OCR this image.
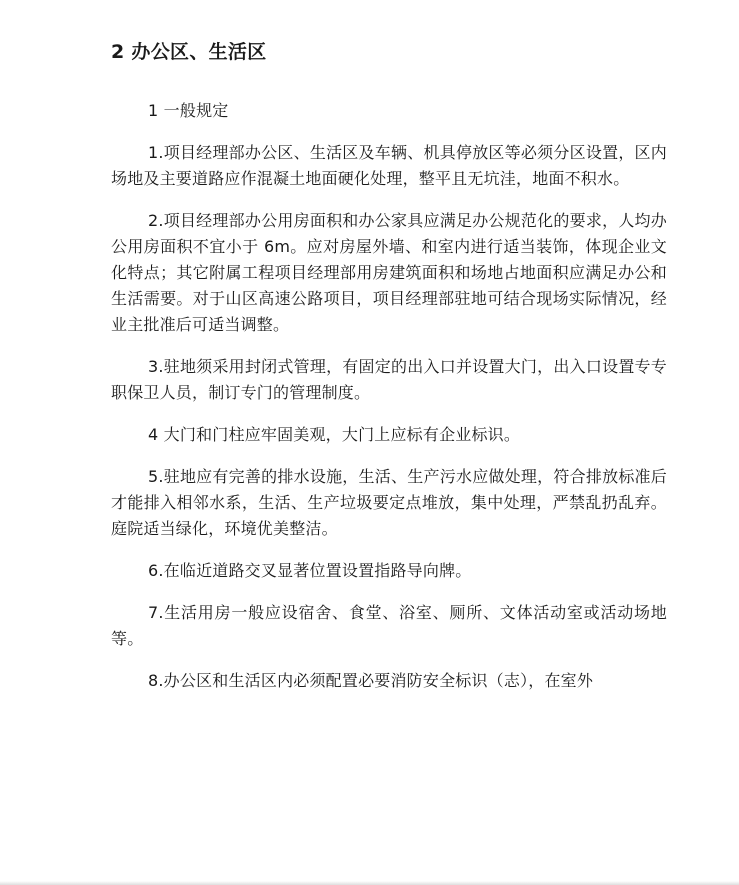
2 办公区、生活区

1 一般规定

1.项目经理部办公区、生活区及车辆、机具停放区等必须分区设置，区内场地及主要道路应作混凝土地面硬化处理，整平且无坑洼，地面不积水。

2.项目经理部办公用房面积和办公家具应满足办公规范化的要求，人均办公用房面积不宜小于 6m。应对房屋外墙、和室内进行适当装饰，体现企业文化特点；其它附属工程项目经理部用房建筑面积和场地占地面积应满足办公和生活需要。对于山区高速公路项目，项目经理部驻地可结合现场实际情况，经业主批准后可适当调整。

3.驻地须采用封闭式管理，有固定的出入口并设置大门，出入口设置专专职保卫人员，制订专门的管理制度。

4 大门和门柱应牢固美观，大门上应标有企业标识。

5.驻地应有完善的排水设施，生活、生产污水应做处理，符合排放标准后才能排入相邻水系，生活、生产垃圾要定点堆放，集中处理，严禁乱扔乱弃。庭院适当绿化，环境优美整洁。

6.在临近道路交叉显著位置设置指路导向牌。

7.生活用房一般应设宿舍、食堂、浴室、厕所、文体活动室或活动场地等。

8.办公区和生活区内必须配置必要消防安全标识（志），在室外
